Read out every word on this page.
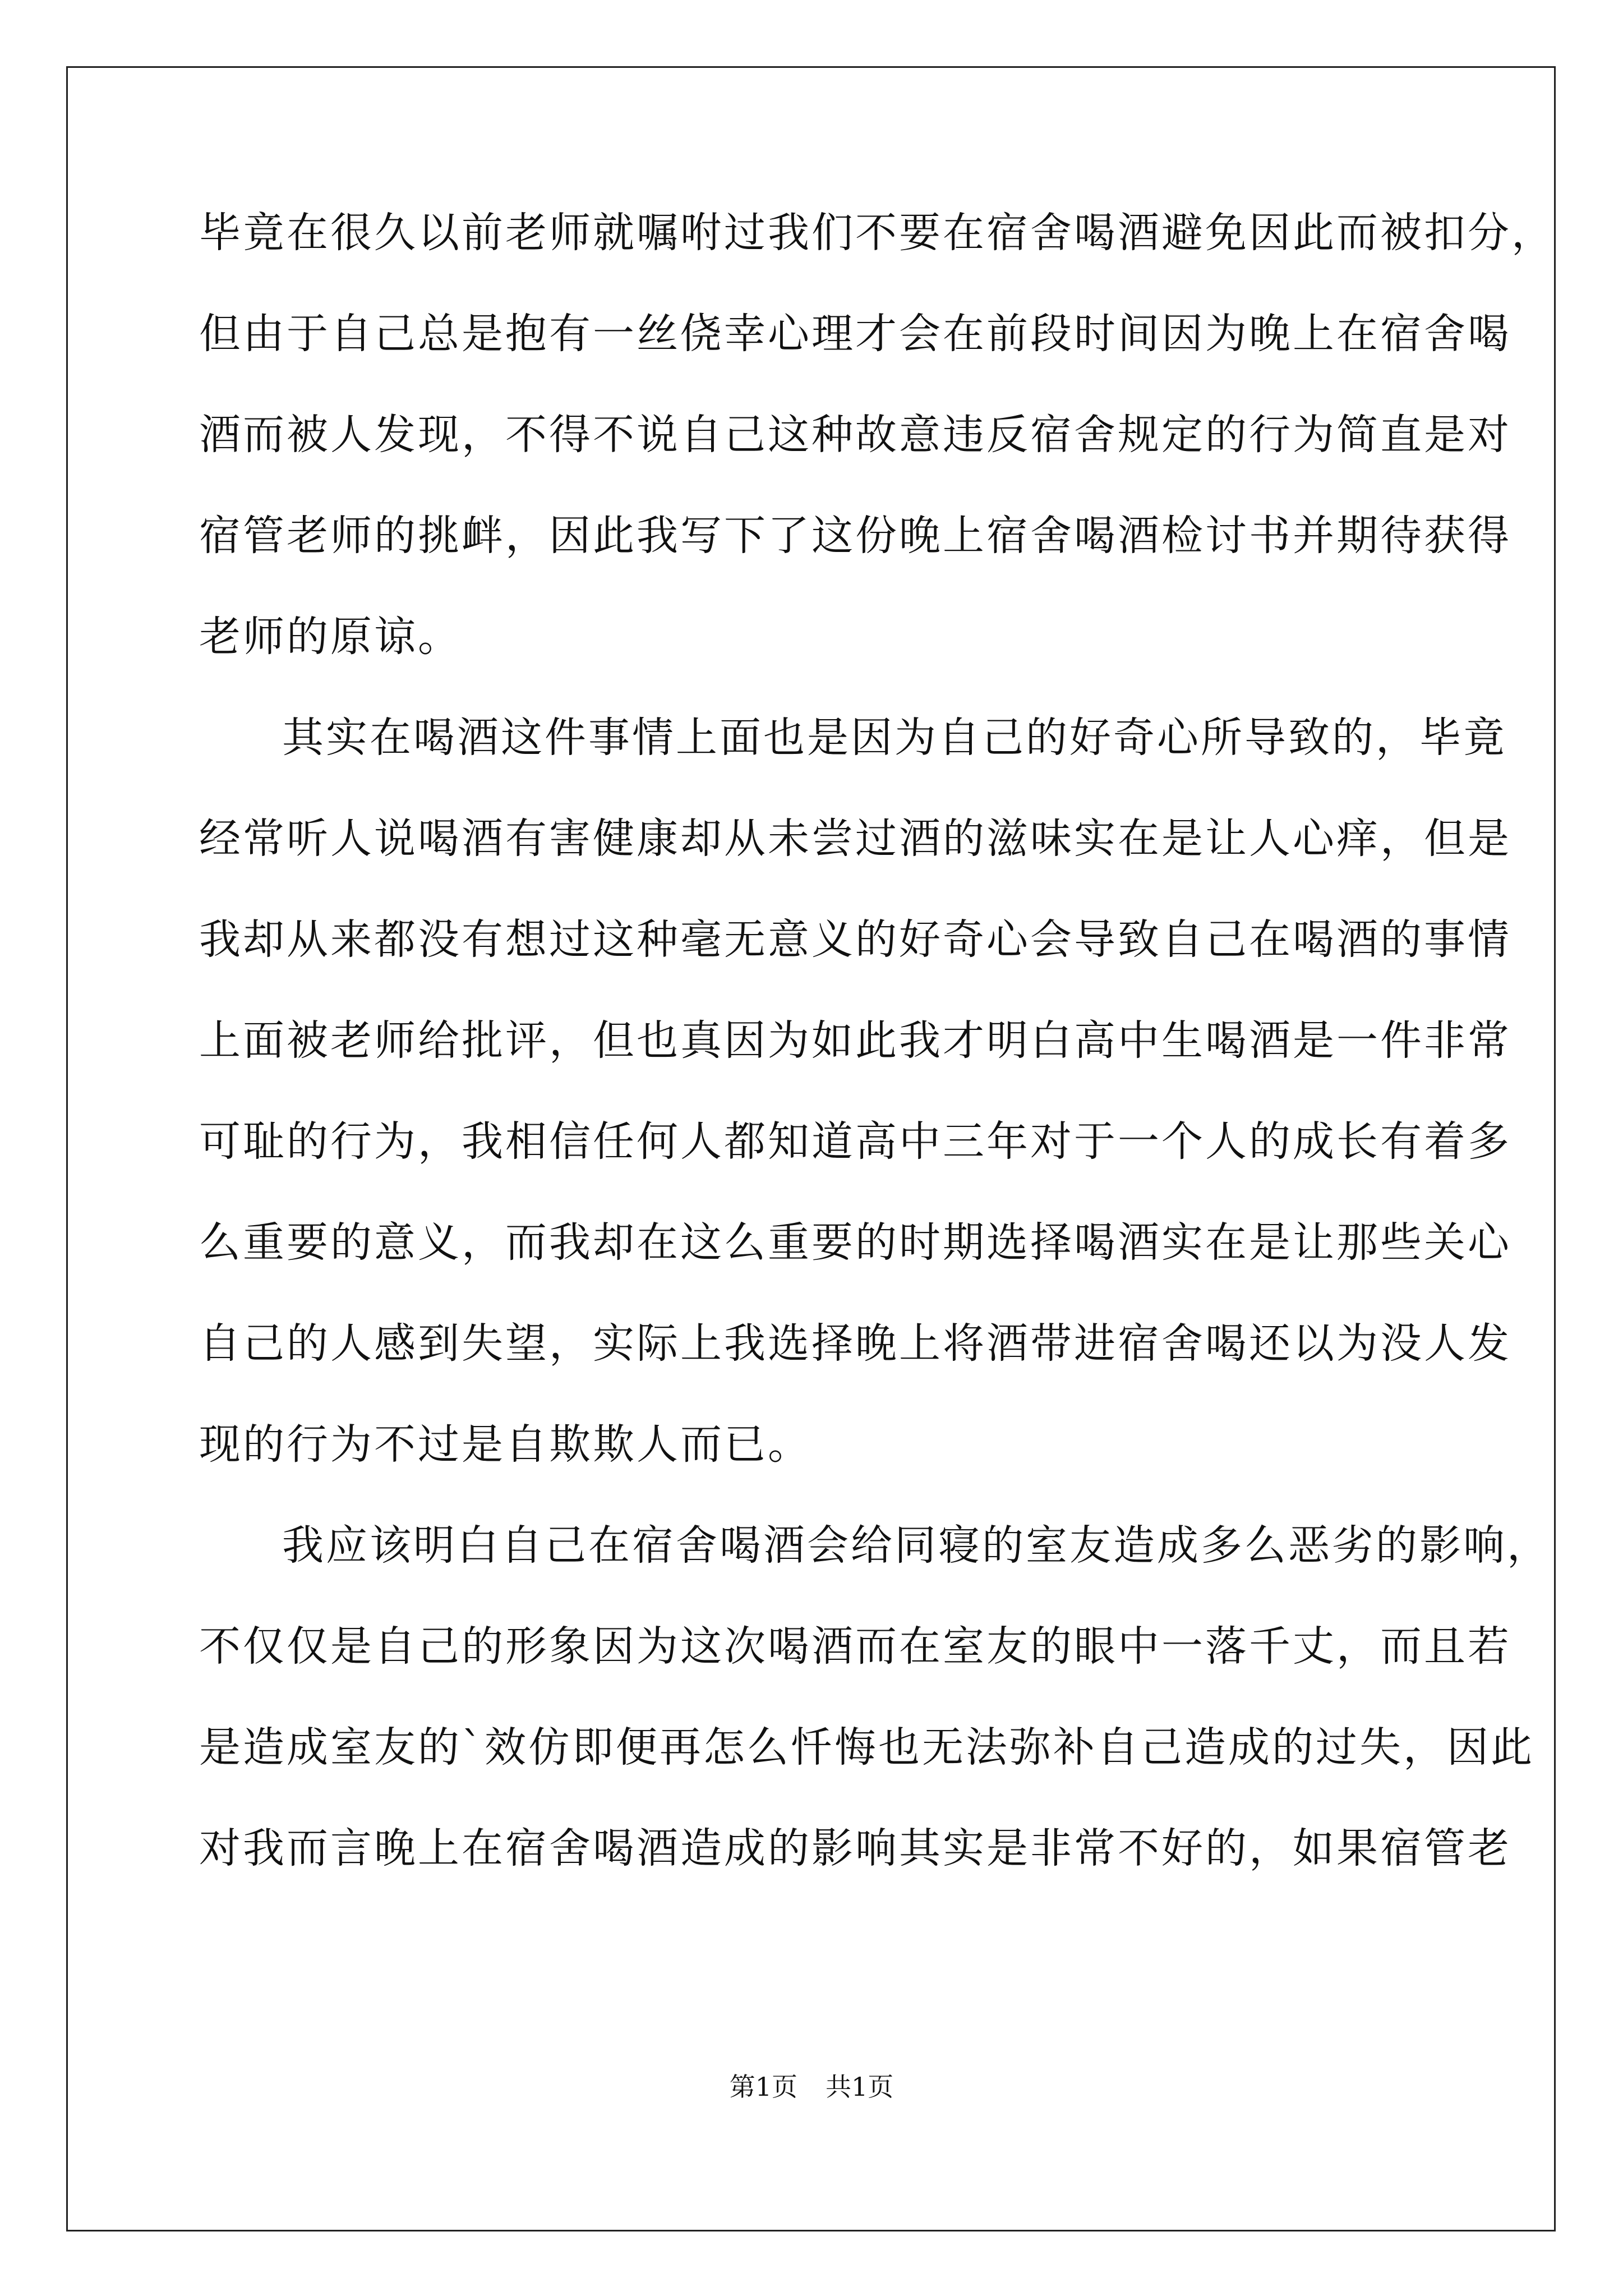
毕竟在很久以前老师就嘱咐过我们不要在宿舍喝酒避免因此而被扣分，
但由于自己总是抱有一丝侥幸心理才会在前段时间因为晚上在宿舍喝
酒而被人发现，不得不说自己这种故意违反宿舍规定的行为简直是对
宿管老师的挑衅，因此我写下了这份晚上宿舍喝酒检讨书并期待获得
老师的原谅。
其实在喝酒这件事情上面也是因为自己的好奇心所导致的，毕竟
经常听人说喝酒有害健康却从未尝过酒的滋味实在是让人心痒，但是
我却从来都没有想过这种毫无意义的好奇心会导致自己在喝酒的事情
上面被老师给批评，但也真因为如此我才明白高中生喝酒是一件非常
可耻的行为，我相信任何人都知道高中三年对于一个人的成长有着多
么重要的意义，而我却在这么重要的时期选择喝酒实在是让那些关心
自己的人感到失望，实际上我选择晚上将酒带进宿舍喝还以为没人发
现的行为不过是自欺欺人而已。
我应该明白自己在宿舍喝酒会给同寝的室友造成多么恶劣的影响，
不仅仅是自己的形象因为这次喝酒而在室友的眼中一落千丈，而且若
是造成室友的`效仿即便再怎么忏悔也无法弥补自己造成的过失，因此
对我而言晚上在宿舍喝酒造成的影响其实是非常不好的，如果宿管老
第1页 共1页
